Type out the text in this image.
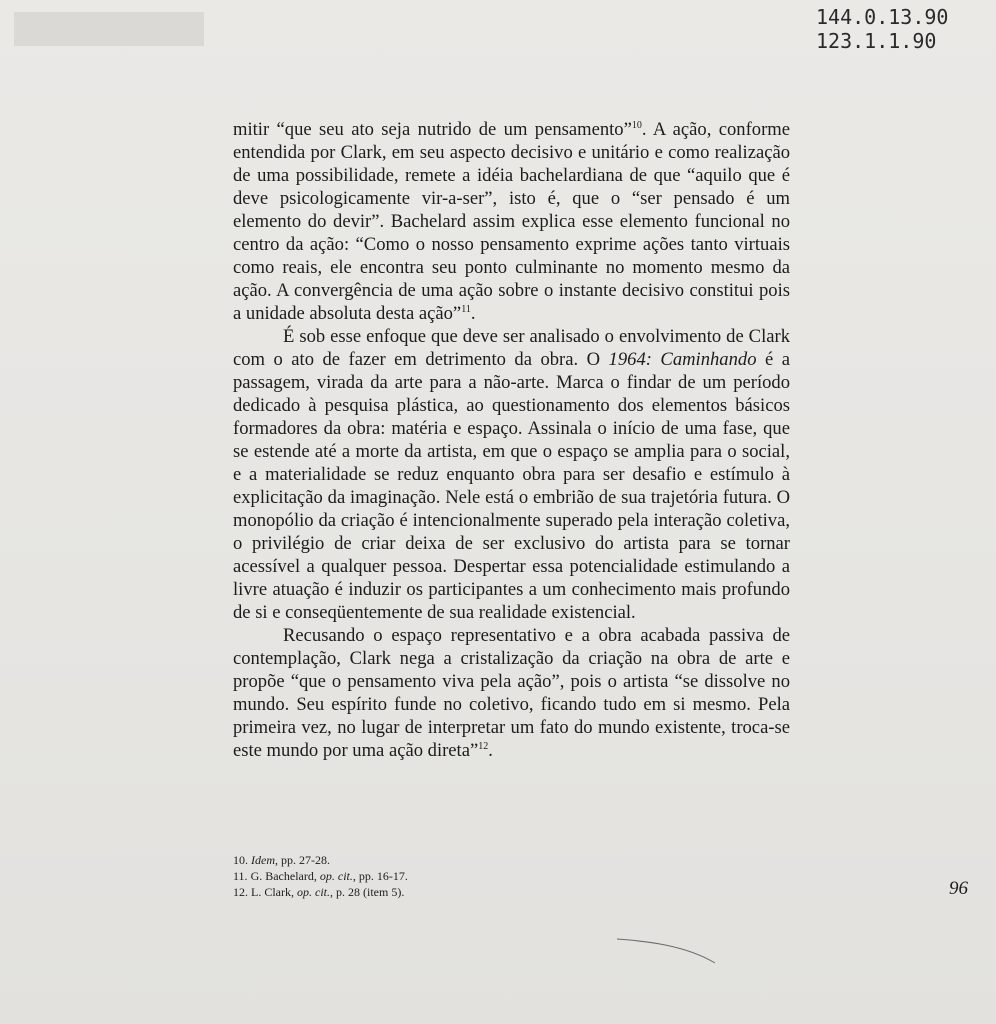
144.0.13.90
123.1.1.90

mitir “que seu ato seja nutrido de um pensamento”$^{10}$. A ação, conforme entendida por Clark, em seu aspecto decisivo e unitário e como realização de uma possibilidade, remete a idéia bachelardiana de que “aquilo que é deve psicologicamente vir-a-ser”, isto é, que o “ser pensado é um elemento do devir”. Bachelard assim explica esse elemento funcional no centro da ação: “Como o nosso pensamento exprime ações tanto virtuais como reais, ele encontra seu ponto culminante no momento mesmo da ação. A convergência de uma ação sobre o instante decisivo constitui pois a unidade absoluta desta ação”$^{11}$.

É sob esse enfoque que deve ser analisado o envolvimento de Clark com o ato de fazer em detrimento da obra. O 1964: Caminhando é a passagem, virada da arte para a não-arte. Marca o findar de um período dedicado à pesquisa plástica, ao questionamento dos elementos básicos formadores da obra: matéria e espaço. Assinala o início de uma fase, que se estende até a morte da artista, em que o espaço se amplia para o social, e a materialidade se reduz enquanto obra para ser desafio e estímulo à explicitação da imaginação. Nele está o embrião de sua trajetória futura. O monopólio da criação é intencionalmente superado pela interação coletiva, o privilégio de criar deixa de ser exclusivo do artista para se tornar acessível a qualquer pessoa. Despertar essa potencialidade estimulando a livre atuação é induzir os participantes a um conhecimento mais profundo de si e conseqüentemente de sua realidade existencial.

Recusando o espaço representativo e a obra acabada passiva de contemplação, Clark nega a cristalização da criação na obra de arte e propõe “que o pensamento viva pela ação”, pois o artista “se dissolve no mundo. Seu espírito funde no coletivo, ficando tudo em si mesmo. Pela primeira vez, no lugar de interpretar um fato do mundo existente, troca-se este mundo por uma ação direta”$^{12}$.

10. Idem, pp. 27-28.
11. G. Bachelard, op. cit., pp. 16-17.
12. L. Clark, op. cit., p. 28 (item 5).	96
